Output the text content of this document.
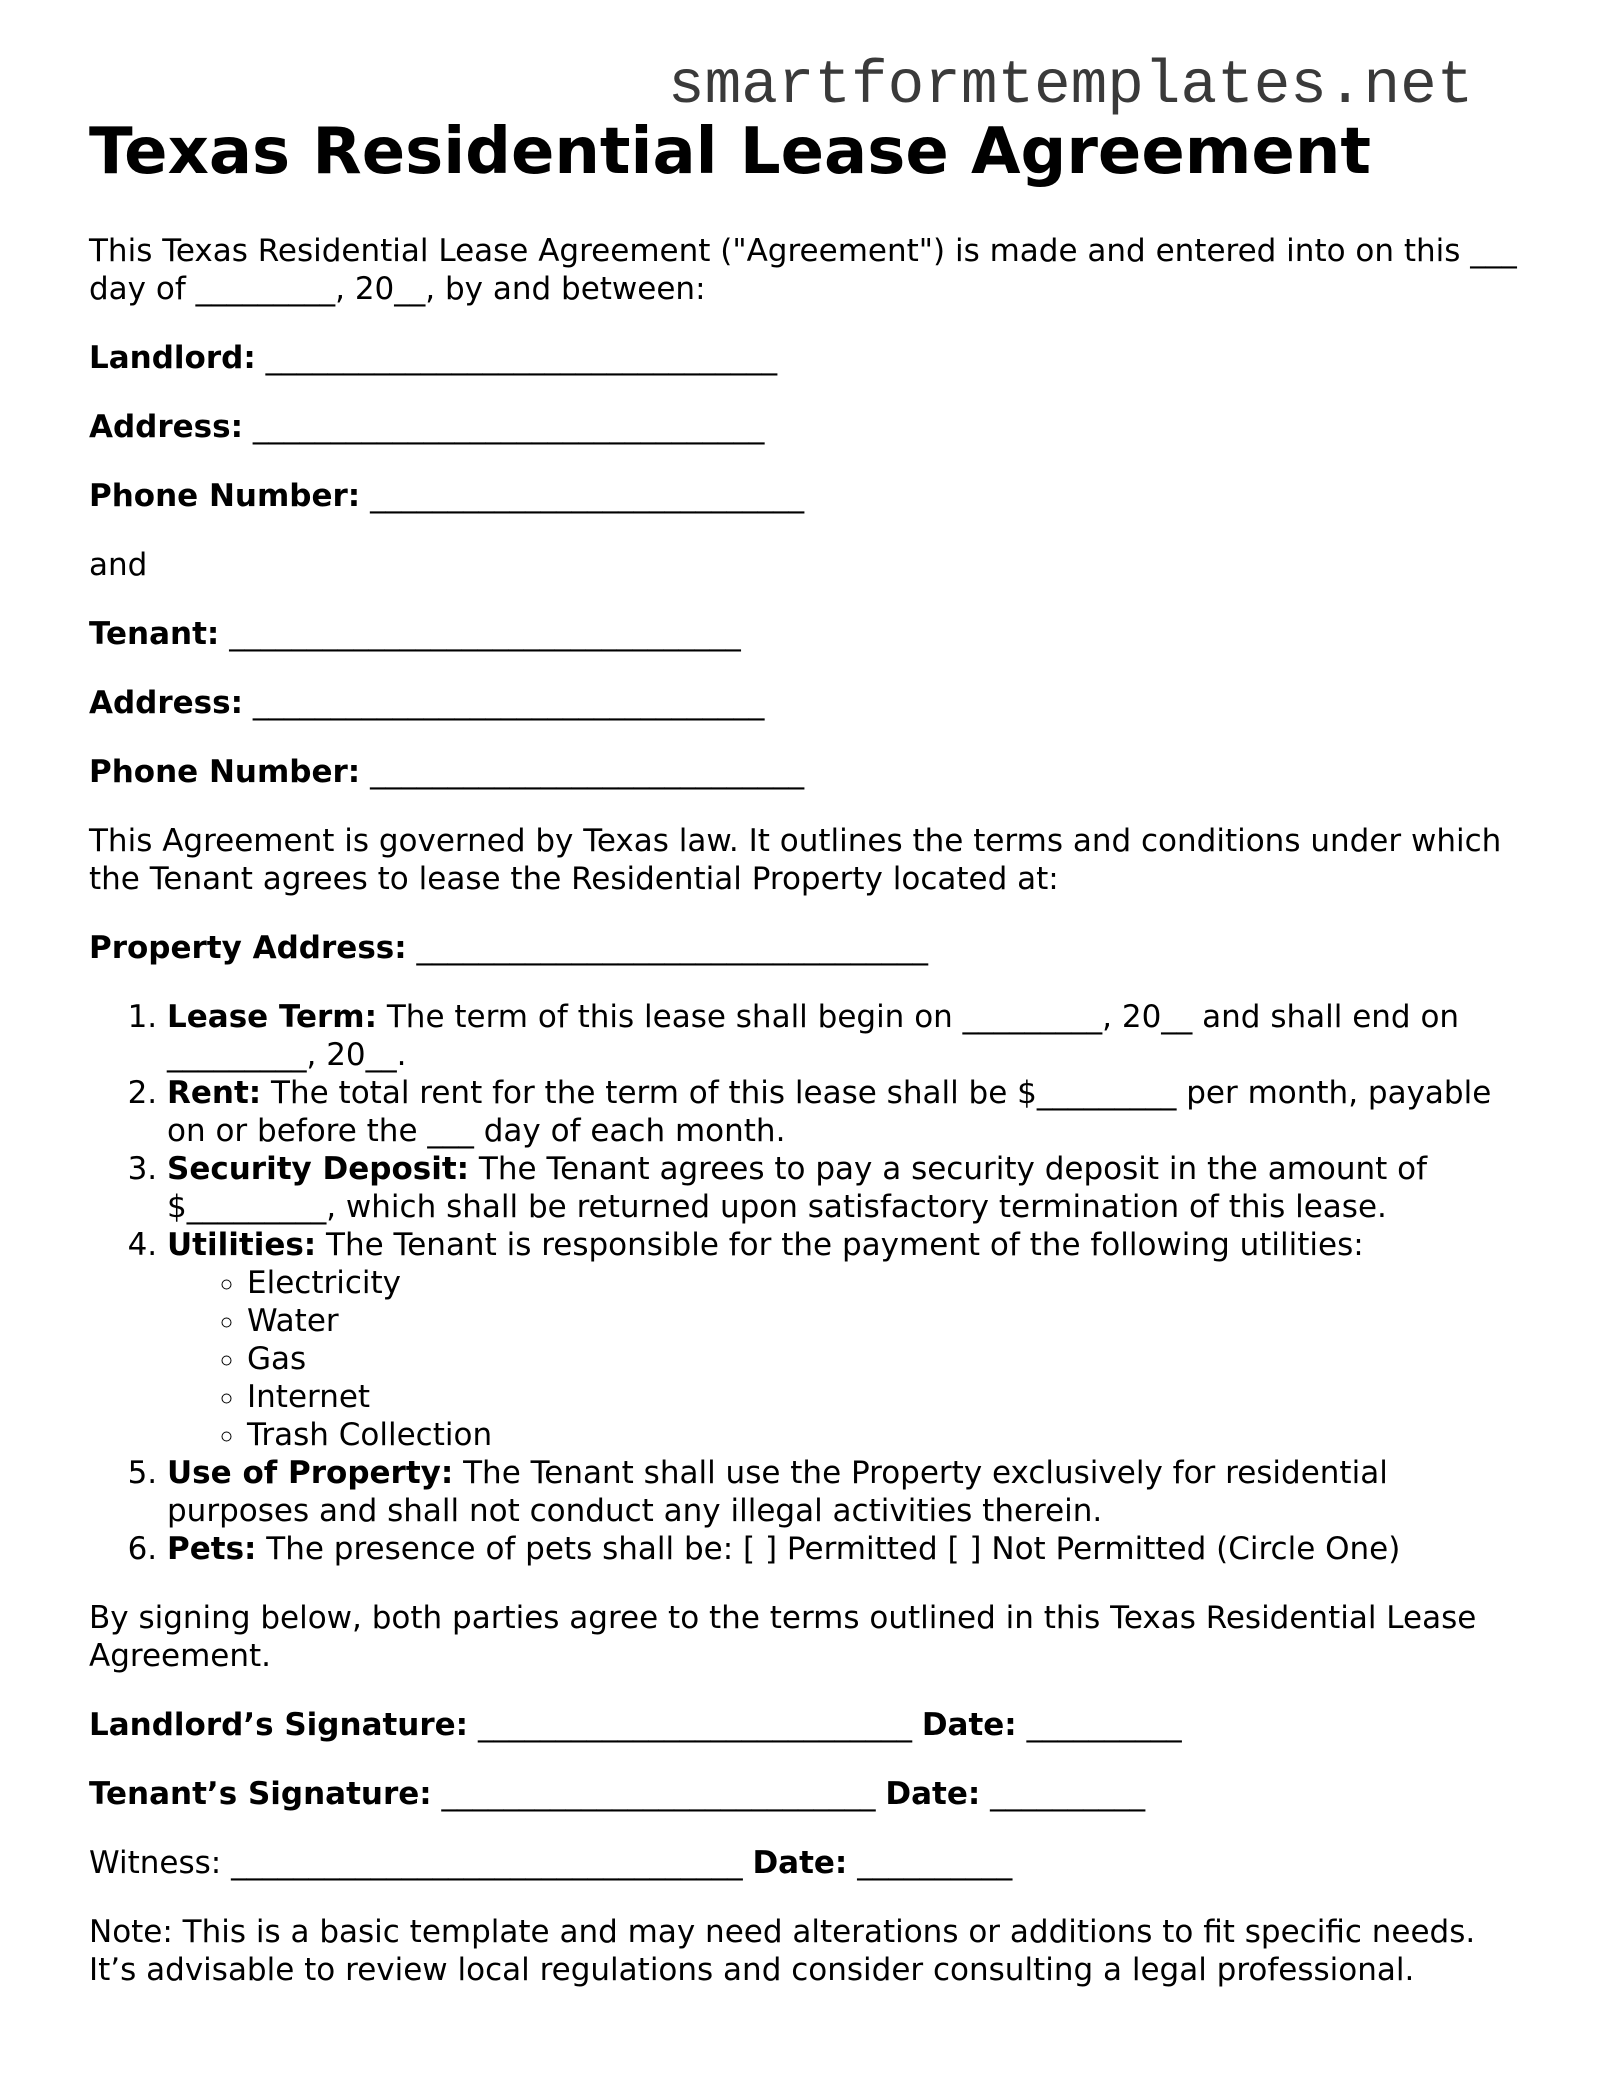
smartformtemplates.net
Texas Residential Lease Agreement

This Texas Residential Lease Agreement ("Agreement") is made and entered into on this ___ day of _________, 20__, by and between:

Landlord: _________________________________

Address: _________________________________

Phone Number: ____________________________

and

Tenant: _________________________________

Address: _________________________________

Phone Number: ____________________________

This Agreement is governed by Texas law. It outlines the terms and conditions under which the Tenant agrees to lease the Residential Property located at:

Property Address: _________________________________

1. Lease Term: The term of this lease shall begin on _________, 20__ and shall end on _________, 20__.
2. Rent: The total rent for the term of this lease shall be $_________ per month, payable on or before the ___ day of each month.
3. Security Deposit: The Tenant agrees to pay a security deposit in the amount of $_________, which shall be returned upon satisfactory termination of this lease.
4. Utilities: The Tenant is responsible for the payment of the following utilities:
◦ Electricity
◦ Water
◦ Gas
◦ Internet
◦ Trash Collection
5. Use of Property: The Tenant shall use the Property exclusively for residential purposes and shall not conduct any illegal activities therein.
6. Pets: The presence of pets shall be: [ ] Permitted [ ] Not Permitted (Circle One)

By signing below, both parties agree to the terms outlined in this Texas Residential Lease Agreement.

Landlord’s Signature: ____________________________ Date: __________

Tenant’s Signature: ____________________________ Date: __________

Witness: _________________________________ Date: __________

Note: This is a basic template and may need alterations or additions to fit specific needs. It’s advisable to review local regulations and consider consulting a legal professional.
